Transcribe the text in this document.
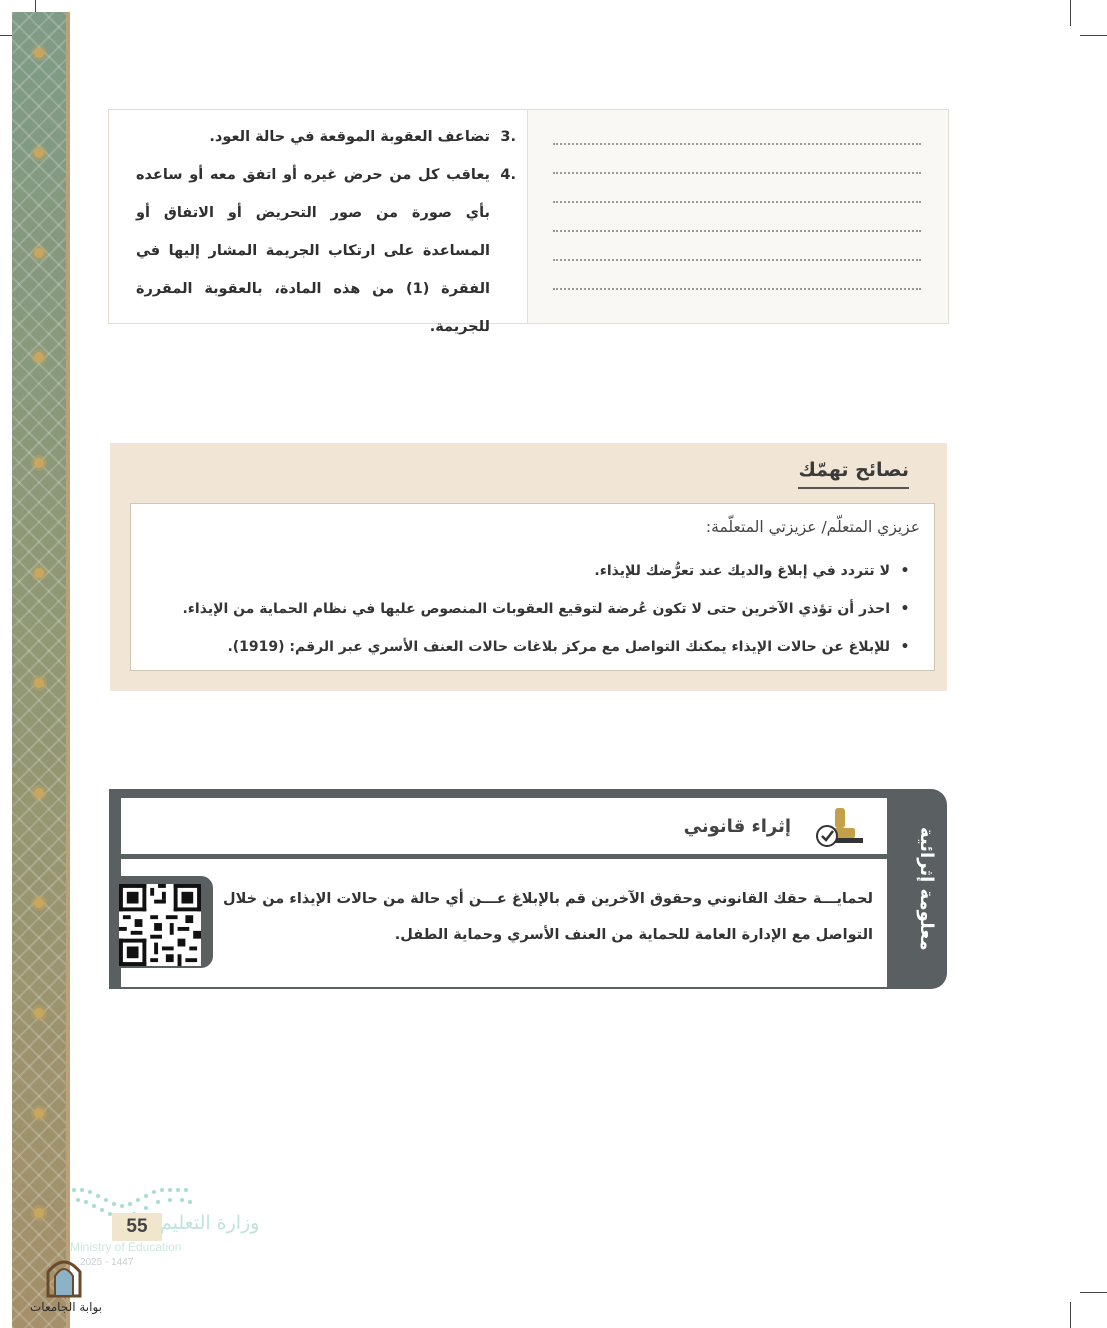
.3
تضاعف العقوبة الموقعة في حالة العود.
.4
يعاقب كل من حرض غيره أو اتفق معه أو ساعده بأي صورة من صور التحريض أو الاتفاق أو المساعدة على ارتكاب الجريمة المشار إليها في الفقرة (1) من هذه المادة، بالعقوبة المقررة للجريمة.
نصائح تهمّك
عزيزي المتعلّم/ عزيزتي المتعلّمة:
•لا تتردد في إبلاغ والديك عند تعرُّضك للإيذاء.
•احذر أن تؤذي الآخرين حتى لا تكون عُرضة لتوقيع العقوبات المنصوص عليها في نظام الحماية من الإيذاء.
•للإبلاغ عن حالات الإيذاء يمكنك التواصل مع مركز بلاغات حالات العنف الأسري عبر الرقم: (1919).
معلومة إثرائية
إثراء قانوني
لحمايـــة حقك القانوني وحقوق الآخرين قم بالإبلاغ عـــن أي حالة من حالات الإيذاء من خلال التواصل مع الإدارة العامة للحماية من العنف الأسري وحماية الطفل.
55 وزارة التعليم
Ministry of Education
2025 - 1447
بوابة الجامعات
